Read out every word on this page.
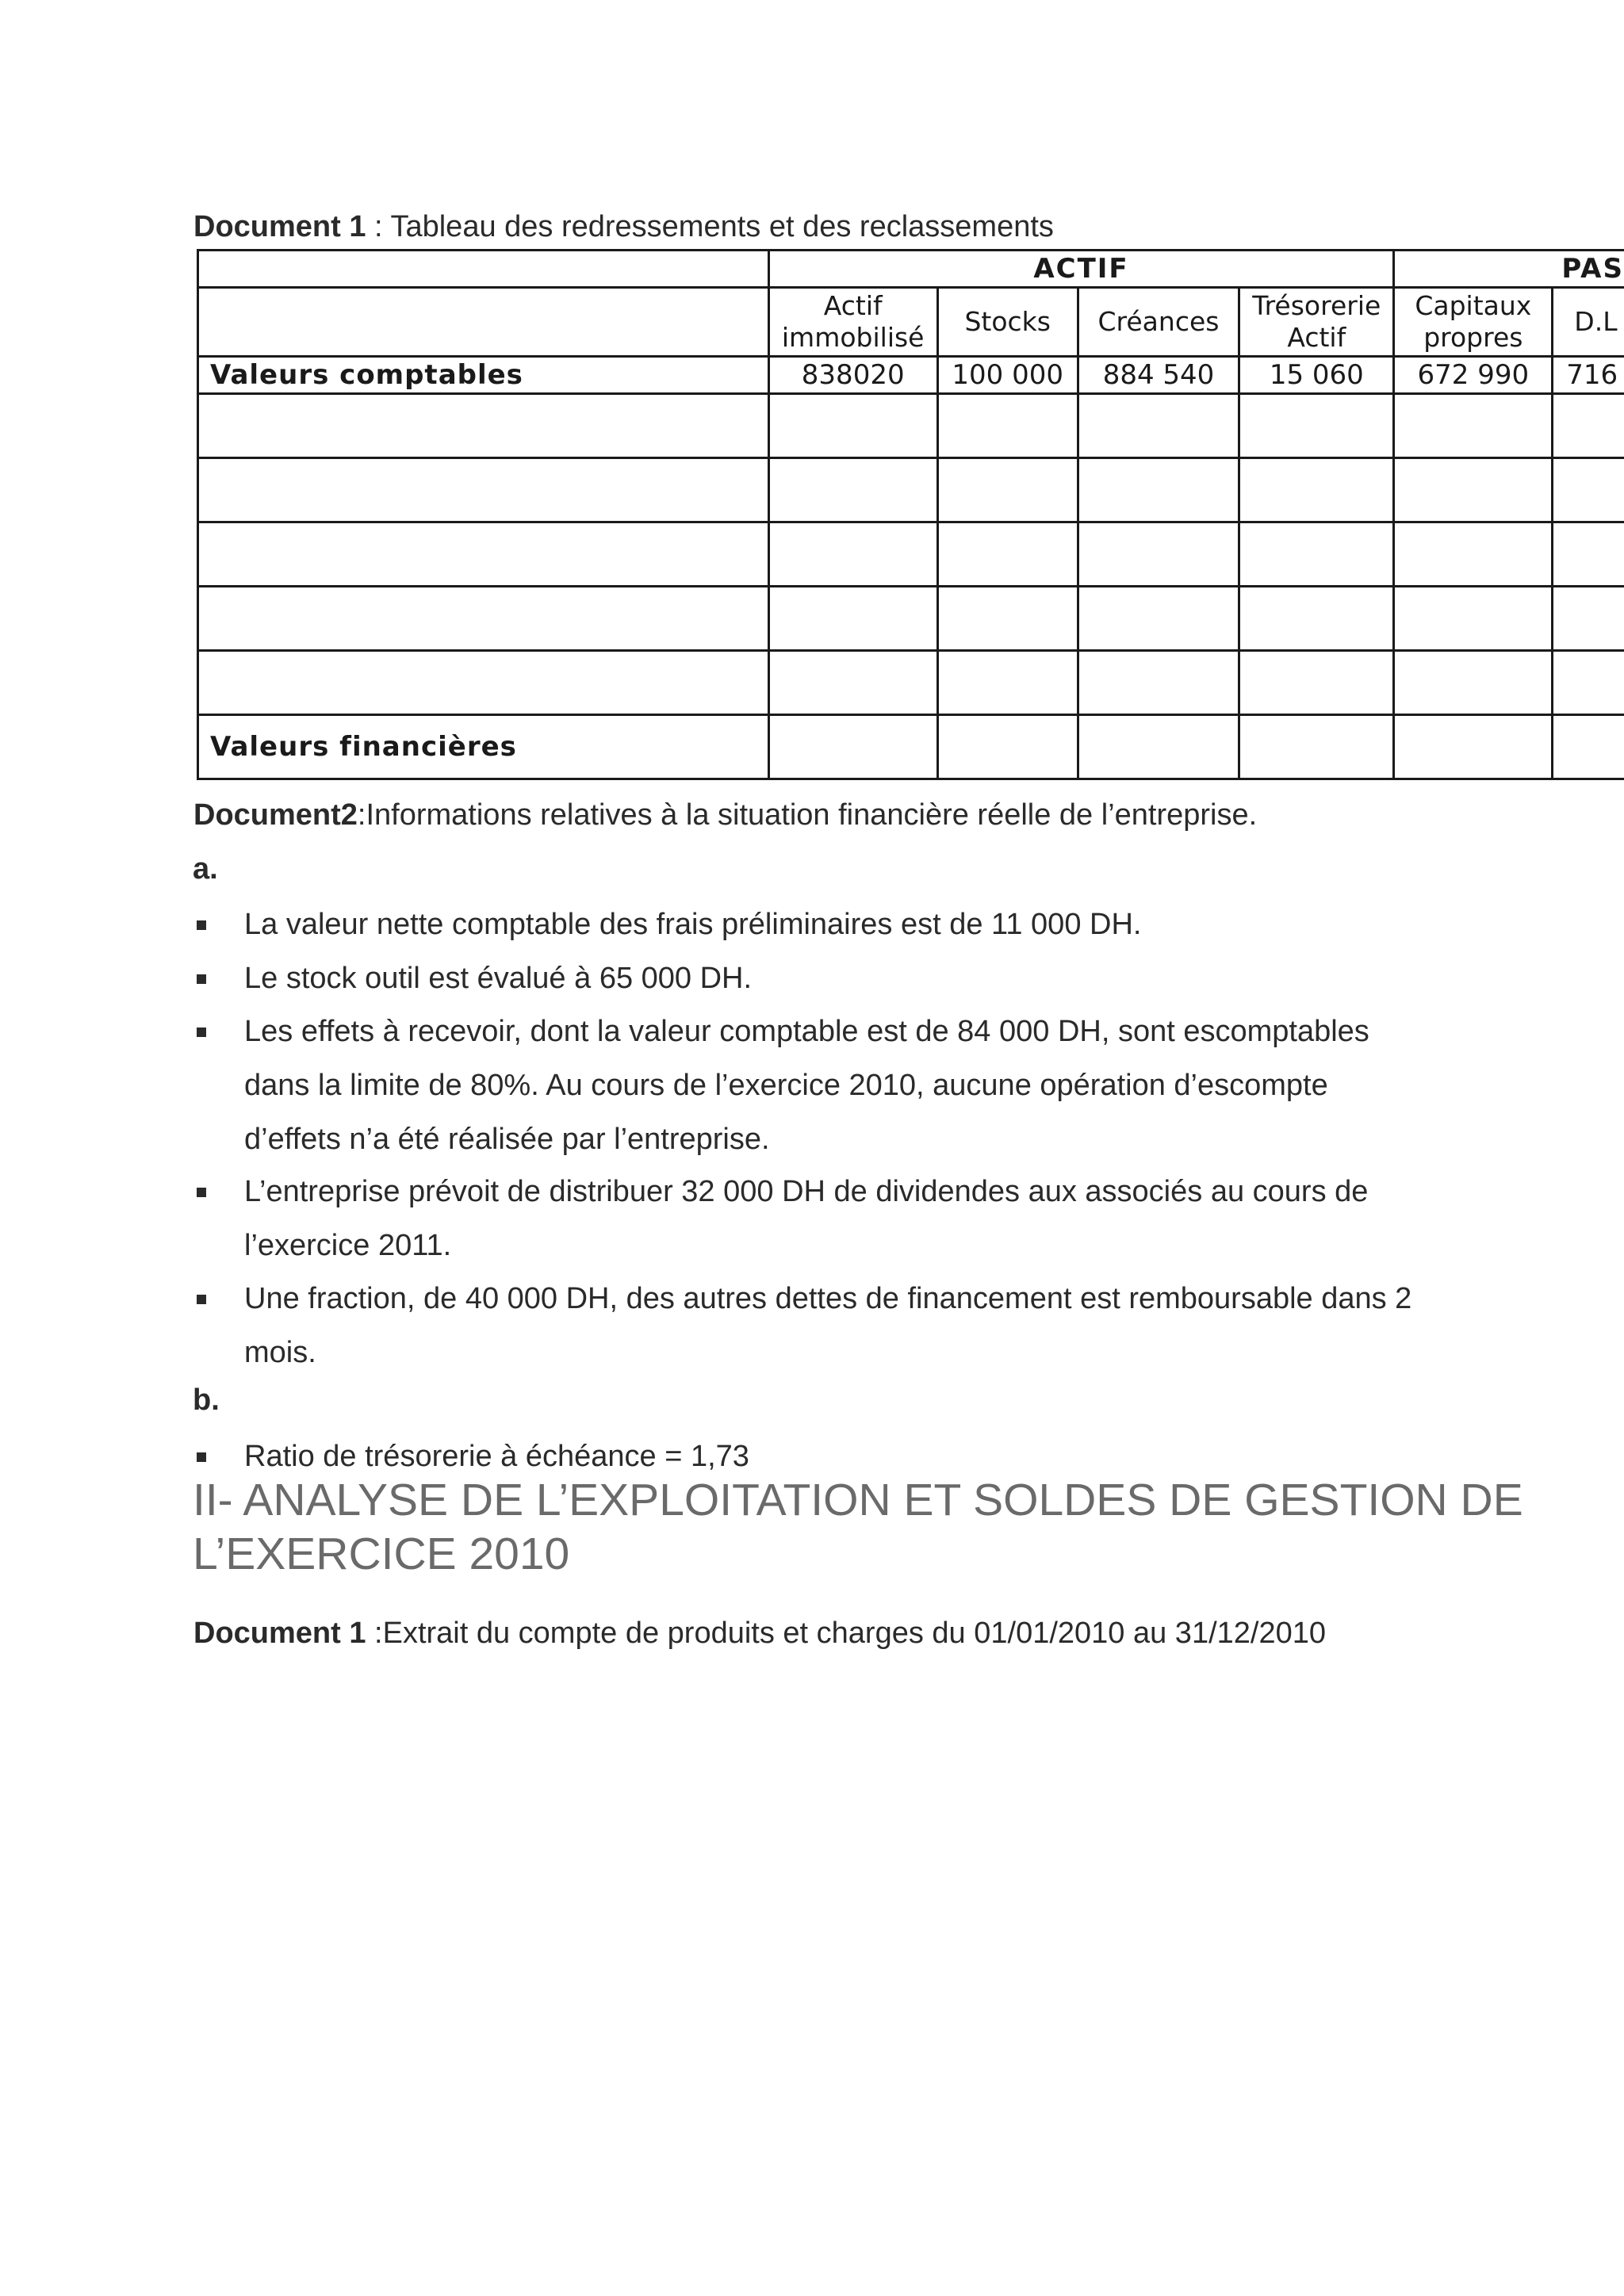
Document 1 : Tableau des redressements et des reclassements
	ACTIF				PAS	
	Actif immobilisé	Stocks	Créances	Trésorerie Actif	Capitaux propres	D.L
Valeurs comptables	838020	100 000	884 540	15 060	672 990	716

Valeurs financières						
Document2:Informations relatives à la situation financière réelle de l’entreprise.
a.
La valeur nette comptable des frais préliminaires est de 11 000 DH.
Le stock outil est évalué à 65 000 DH.
Les effets à recevoir, dont la valeur comptable est de 84 000 DH, sont escomptables dans la limite de 80%. Au cours de l’exercice 2010, aucune opération d’escompte d’effets n’a été réalisée par l’entreprise.
L’entreprise prévoit de distribuer 32 000 DH de dividendes aux associés au cours de l’exercice 2011.
Une fraction, de 40 000 DH, des autres dettes de financement est remboursable dans 2 mois.
b.
Ratio de trésorerie à échéance = 1,73
II- ANALYSE DE L’EXPLOITATION ET SOLDES DE GESTION DE L’EXERCICE 2010
Document 1 :Extrait du compte de produits et charges du 01/01/2010 au 31/12/2010
